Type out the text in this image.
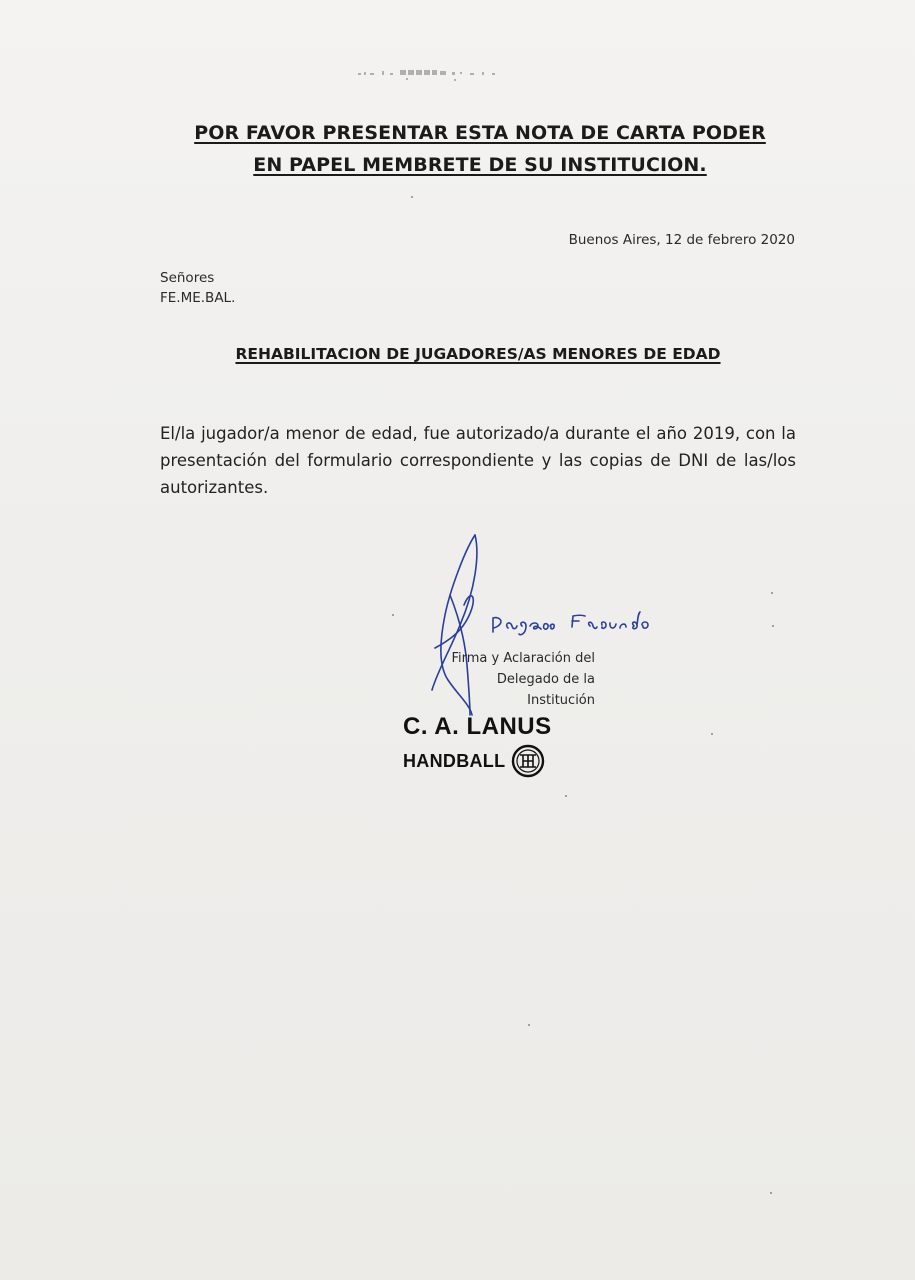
POR FAVOR PRESENTAR ESTA NOTA DE CARTA PODER
EN PAPEL MEMBRETE DE SU INSTITUCION.
Buenos Aires, 12 de febrero 2020
Señores
FE.ME.BAL.
REHABILITACION DE JUGADORES/AS MENORES DE EDAD
El/la jugador/a menor de edad, fue autorizado/a durante el año 2019, con la presentación del formulario correspondiente y las copias de DNI de las/los autorizantes.
Firma y Aclaración del
Delegado de la Institución
C. A. LANUS
HANDBALL
